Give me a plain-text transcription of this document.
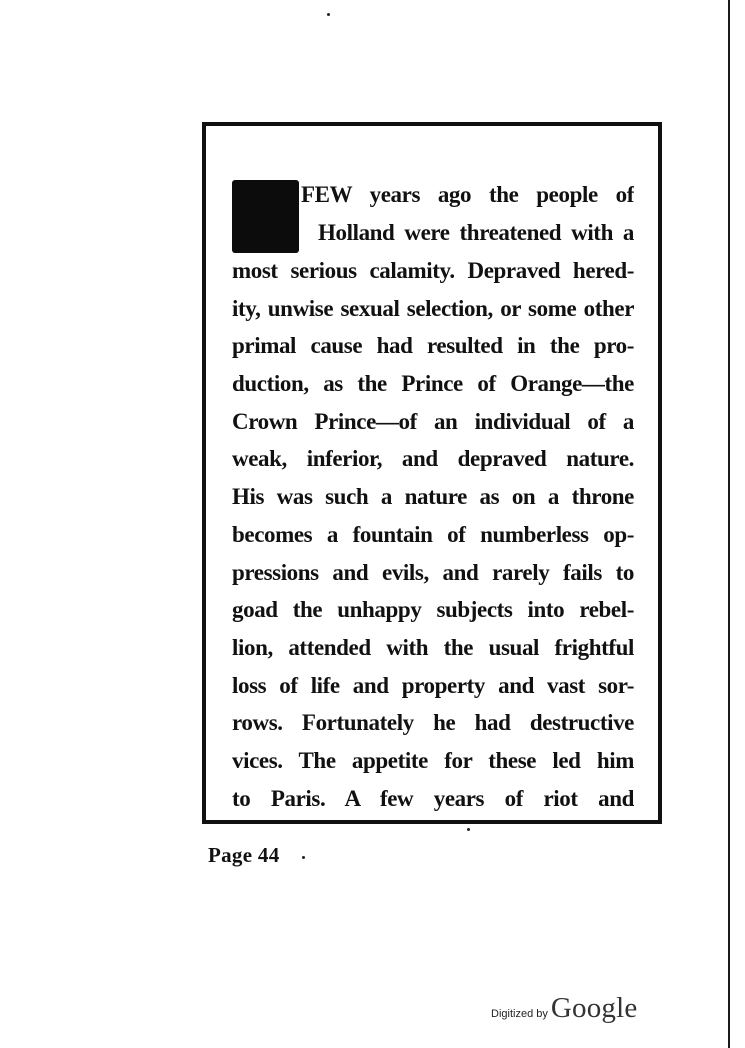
FEW years ago the people of
Holland were threatened with a
most serious calamity. Depraved hered-
ity, unwise sexual selection, or some other
primal cause had resulted in the pro-
duction, as the Prince of Orange—the
Crown Prince—of an individual of a
weak, inferior, and depraved nature.
His was such a nature as on a throne
becomes a fountain of numberless op-
pressions and evils, and rarely fails to
goad the unhappy subjects into rebel-
lion, attended with the usual frightful
loss of life and property and vast sor-
rows. Fortunately he had destructive
vices. The appetite for these led him
to Paris. A few years of riot and
Page 44
Digitized by Google
